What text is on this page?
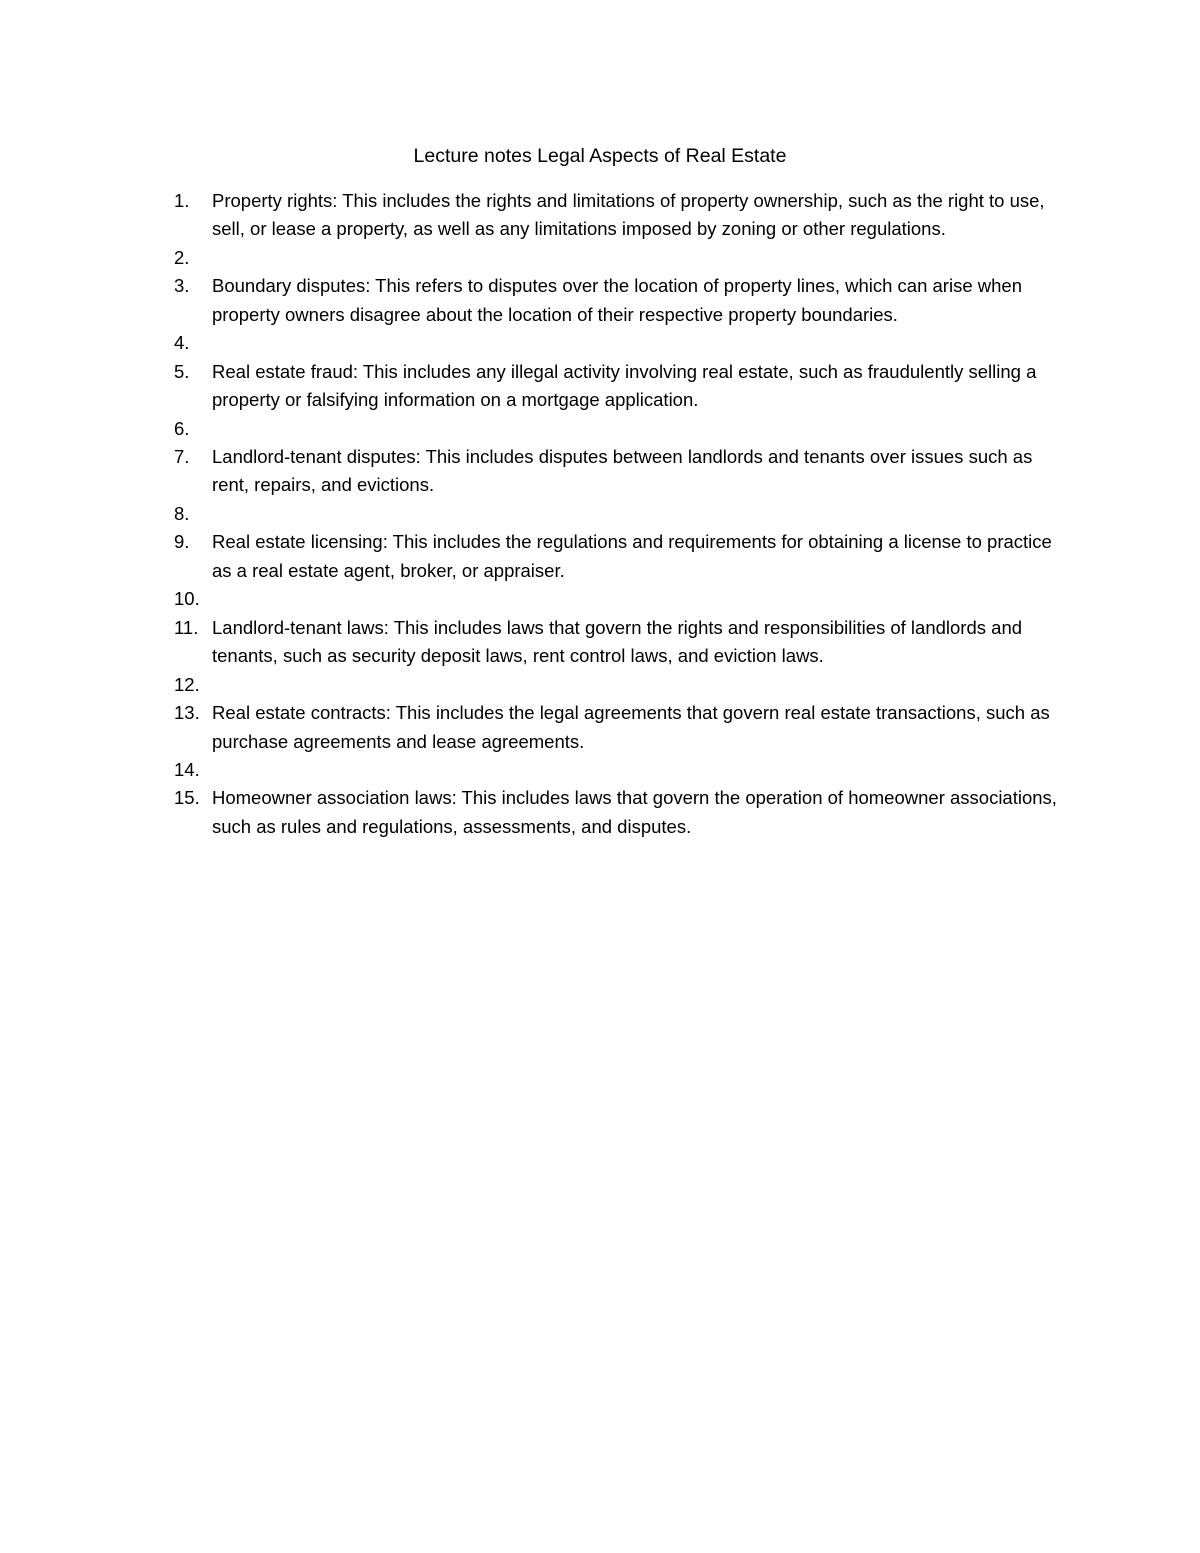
Lecture notes Legal Aspects of Real Estate
1.	Property rights: This includes the rights and limitations of property ownership, such as the right to use, sell, or lease a property, as well as any limitations imposed by zoning or other regulations.
2.
3.	Boundary disputes: This refers to disputes over the location of property lines, which can arise when property owners disagree about the location of their respective property boundaries.
4.
5.	Real estate fraud: This includes any illegal activity involving real estate, such as fraudulently selling a property or falsifying information on a mortgage application.
6.
7.	Landlord-tenant disputes: This includes disputes between landlords and tenants over issues such as rent, repairs, and evictions.
8.
9.	Real estate licensing: This includes the regulations and requirements for obtaining a license to practice as a real estate agent, broker, or appraiser.
10.
11. Landlord-tenant laws: This includes laws that govern the rights and responsibilities of landlords and tenants, such as security deposit laws, rent control laws, and eviction laws.
12.
13. Real estate contracts: This includes the legal agreements that govern real estate transactions, such as purchase agreements and lease agreements.
14.
15. Homeowner association laws: This includes laws that govern the operation of homeowner associations, such as rules and regulations, assessments, and disputes.
